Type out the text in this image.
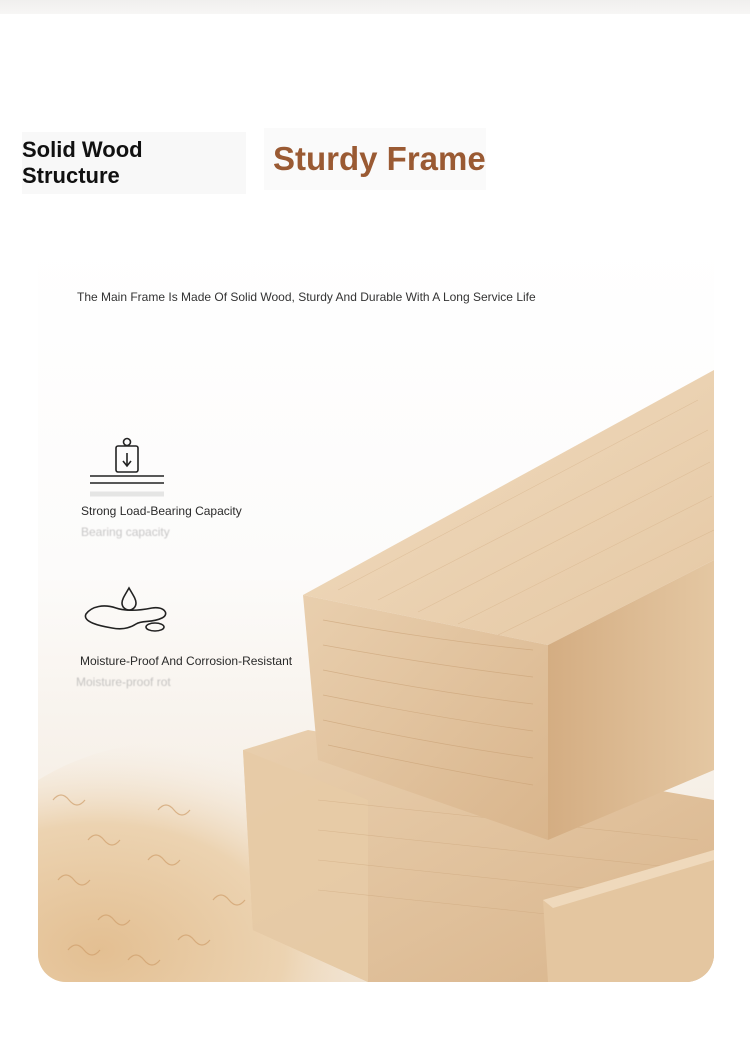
Solid Wood Structure	Sturdy Frame
The Main Frame Is Made Of Solid Wood, Sturdy And Durable With A Long Service Life
Strong Load-Bearing Capacity
Bearing capacity
Moisture-Proof And Corrosion-Resistant
Moisture-proof rot
